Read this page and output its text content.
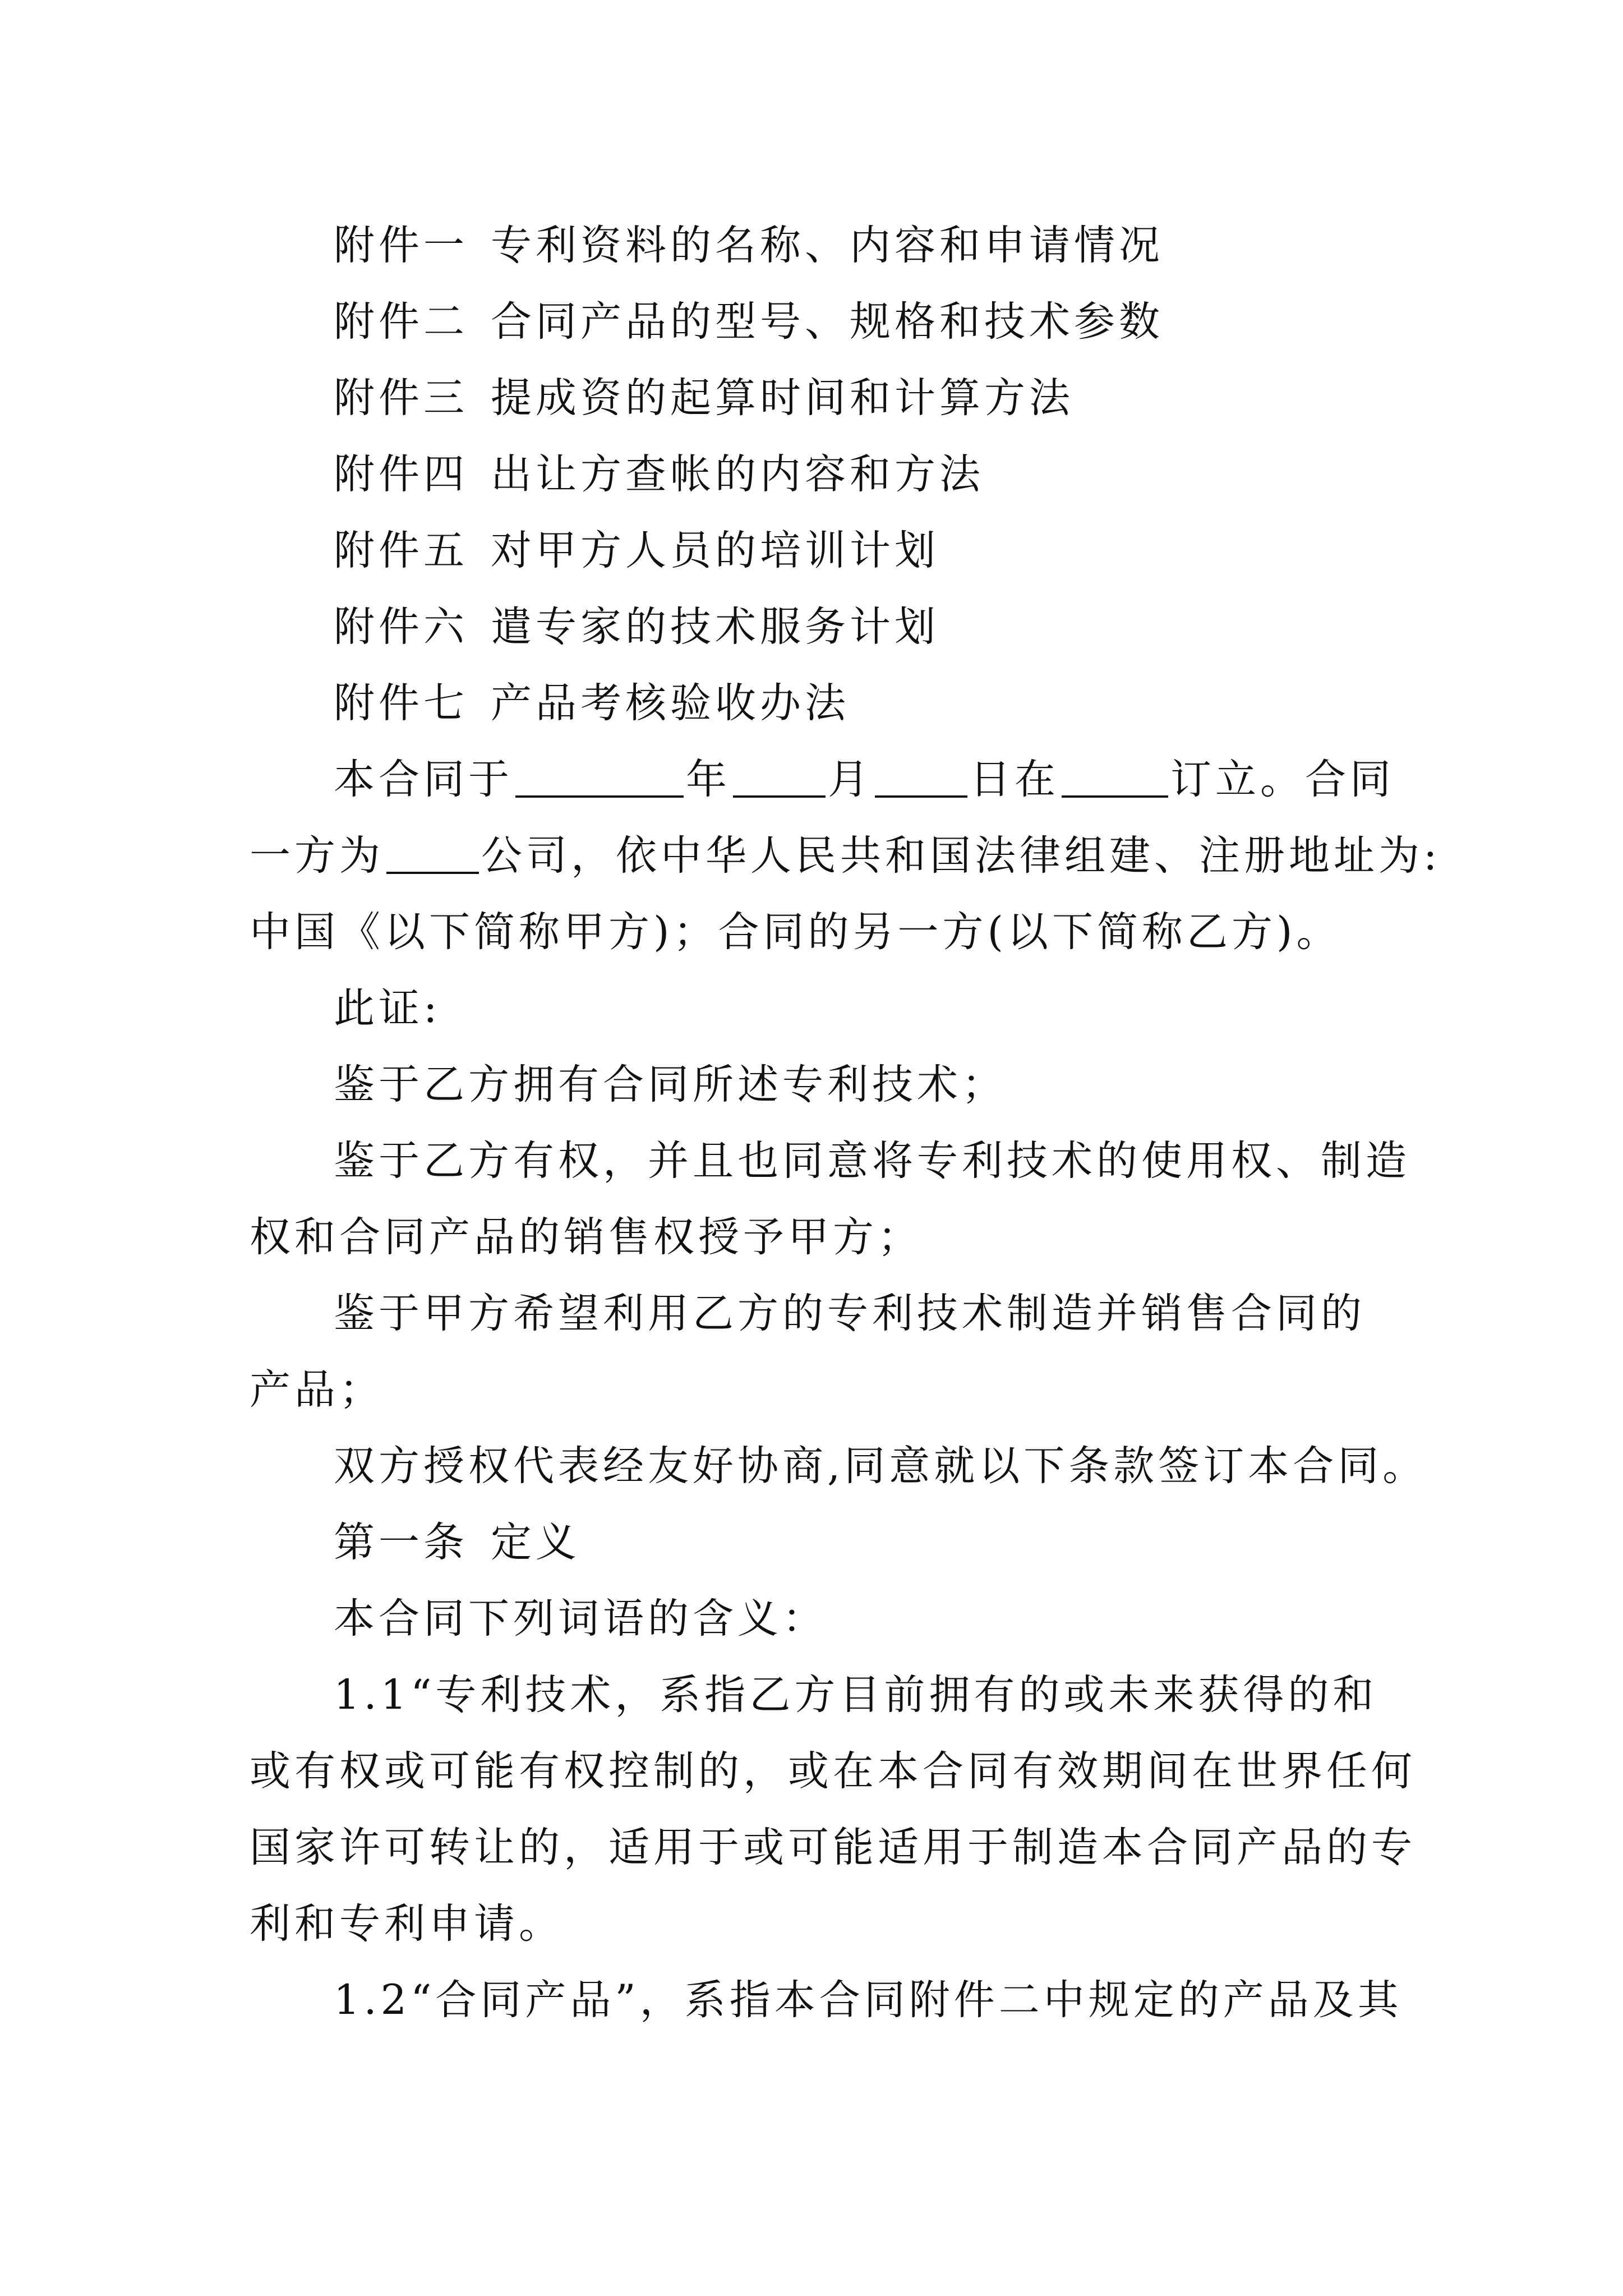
附件一 专利资料的名称、内容和申请情况
附件二 合同产品的型号、规格和技术参数
附件三 提成资的起算时间和计算方法
附件四 出让方查帐的内容和方法
附件五 对甲方人员的培训计划
附件六 遣专家的技术服务计划
附件七 产品考核验收办法
本合同于	年 月 日在	订立。合同
一方为 公司，依中华人民共和国法律组建、注册地址为:
中国《以下简称甲方)；合同的另一方(以下简称乙方)。
此证:
鉴于乙方拥有合同所述专利技术；
鉴于乙方有权，并且也同意将专利技术的使用权、制造
权和合同产品的销售权授予甲方；
鉴于甲方希望利用乙方的专利技术制造并销售合同的
产品；
双方授权代表经友好协商,同意就以下条款签订本合同。
第一条 定义
本合同下列词语的含义：
1.1“专利技术，系指乙方目前拥有的或未来获得的和
或有权或可能有权控制的，或在本合同有效期间在世界任何
国家许可转让的，适用于或可能适用于制造本合同产品的专
利和专利申请。
1.2“合同产品”，系指本合同附件二中规定的产品及其
